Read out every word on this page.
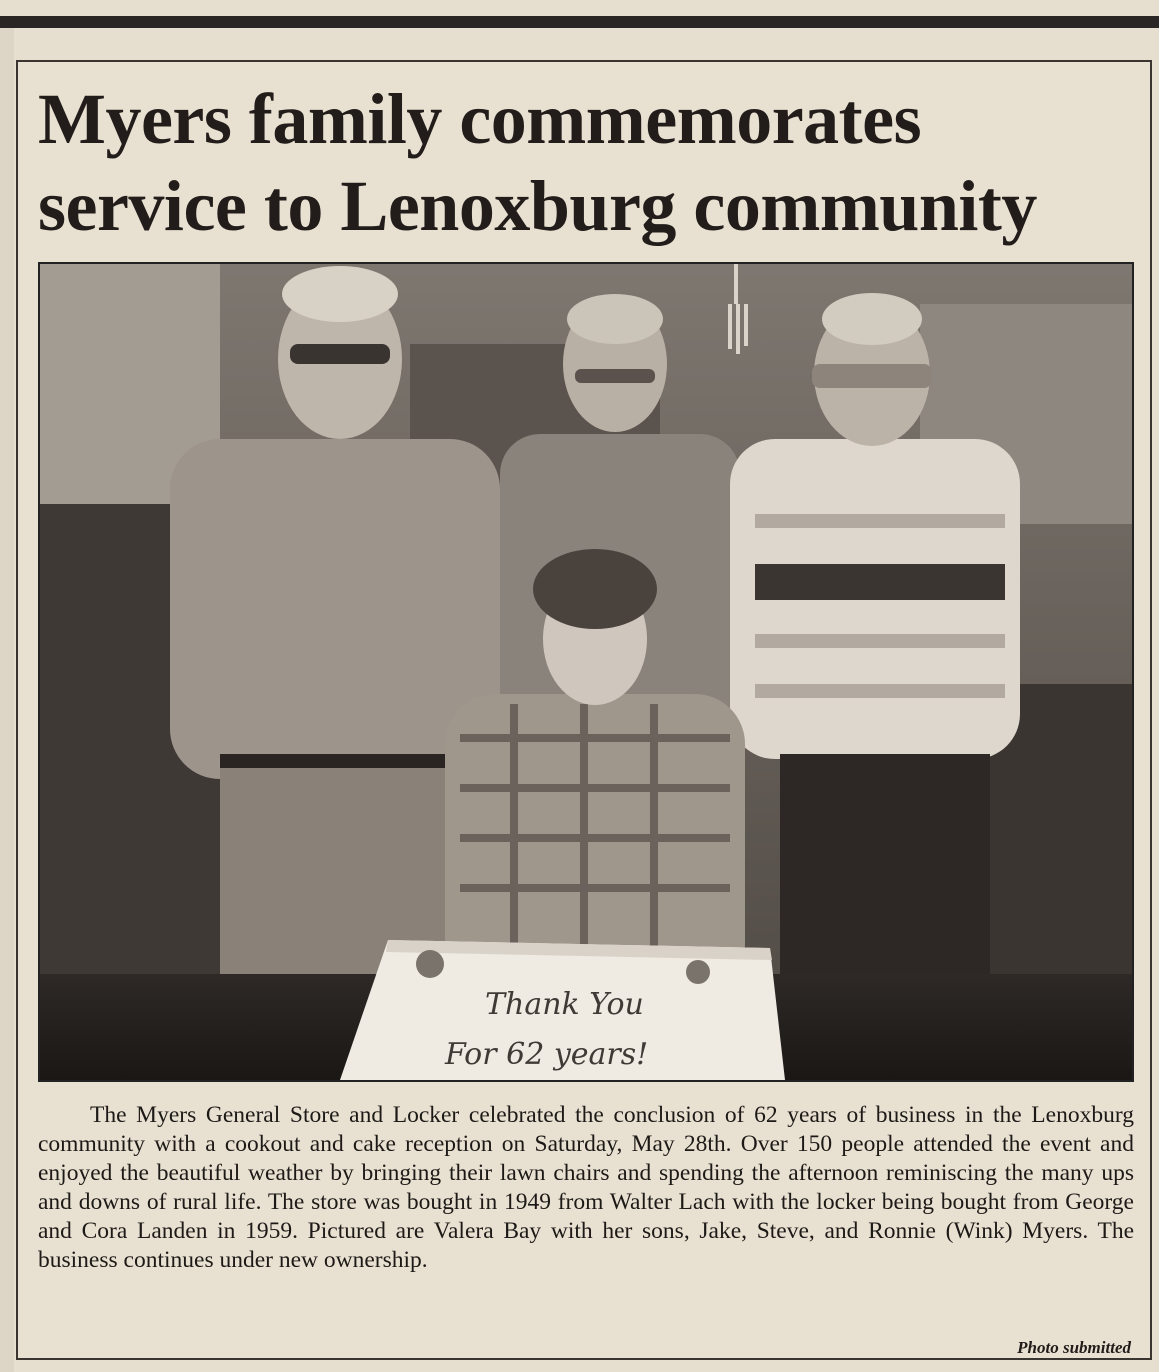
Myers family commemorates
service to Lenoxburg community
Thank You
For 62 years!

The Myers General Store and Locker celebrated the conclusion of 62 years of business in the Lenoxburg community with a cookout and cake reception on Saturday, May 28th. Over 150 people attended the event and enjoyed the beautiful weather by bringing their lawn chairs and spending the afternoon reminiscing the many ups and downs of rural life. The store was bought in 1949 from Walter Lach with the locker being bought from George and Cora Landen in 1959. Pictured are Valera Bay with her sons, Jake, Steve, and Ronnie (Wink) Myers. The business continues under new ownership.

Photo submitted
